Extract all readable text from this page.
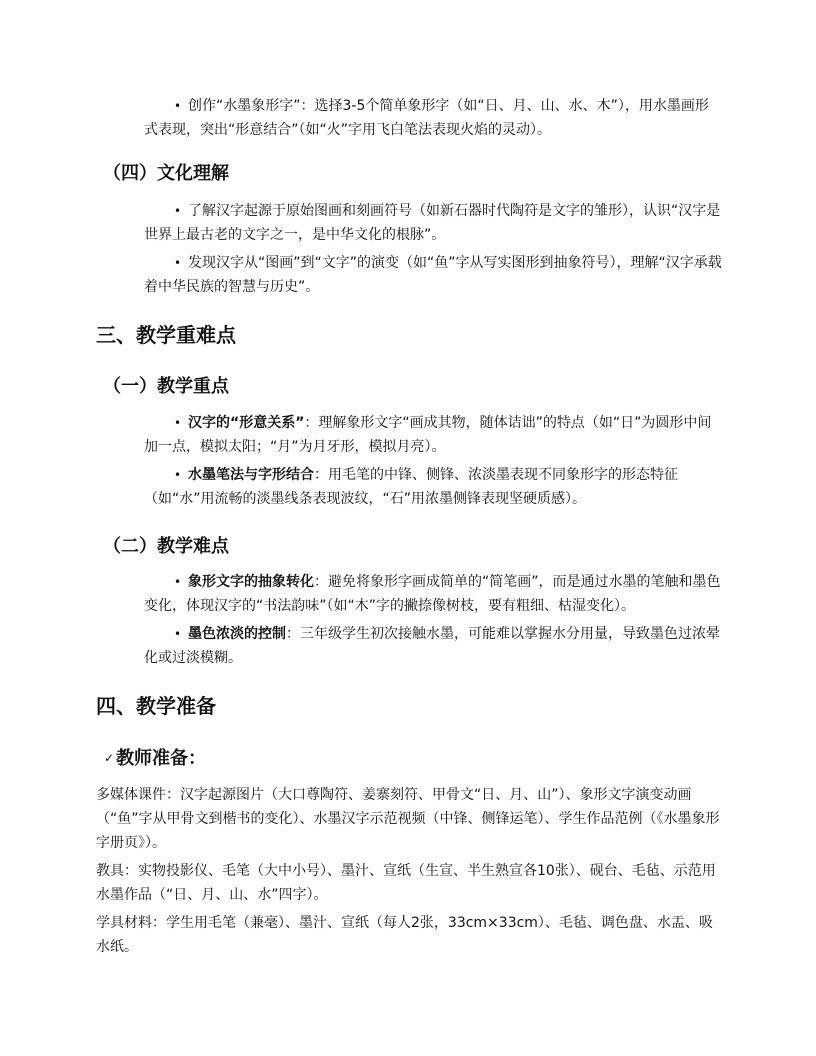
• 创作“水墨象形字”：选择3-5个简单象形字（如“日、月、山、水、木”），用水墨画形式表现，突出“形意结合”（如“火”字用飞白笔法表现火焰的灵动）。
（四）文化理解
• 了解汉字起源于原始图画和刻画符号（如新石器时代陶符是文字的雏形），认识“汉字是世界上最古老的文字之一，是中华文化的根脉”。
• 发现汉字从“图画”到“文字”的演变（如“鱼”字从写实图形到抽象符号），理解“汉字承载着中华民族的智慧与历史”。
三、教学重难点
（一）教学重点
• 汉字的“形意关系”：理解象形文字“画成其物，随体诘诎”的特点（如“日”为圆形中间加一点，模拟太阳；“月”为月牙形，模拟月亮）。
• 水墨笔法与字形结合：用毛笔的中锋、侧锋、浓淡墨表现不同象形字的形态特征（如“水”用流畅的淡墨线条表现波纹，“石”用浓墨侧锋表现坚硬质感）。
（二）教学难点
• 象形文字的抽象转化：避免将象形字画成简单的“简笔画”，而是通过水墨的笔触和墨色变化，体现汉字的“书法韵味”（如“木”字的撇捺像树枝，要有粗细、枯湿变化）。
• 墨色浓淡的控制：三年级学生初次接触水墨，可能难以掌握水分用量，导致墨色过浓晕化或过淡模糊。
四、教学准备
✓ 教师准备：
多媒体课件：汉字起源图片（大口尊陶符、姜寨刻符、甲骨文“日、月、山”）、象形文字演变动画（“鱼”字从甲骨文到楷书的变化）、水墨汉字示范视频（中锋、侧锋运笔）、学生作品范例（《水墨象形字册页》）。
教具：实物投影仪、毛笔（大中小号）、墨汁、宣纸（生宣、半生熟宣各10张）、砚台、毛毡、示范用水墨作品（“日、月、山、水”四字）。
学具材料：学生用毛笔（兼毫）、墨汁、宣纸（每人2张，33cm×33cm）、毛毡、调色盘、水盂、吸水纸。
